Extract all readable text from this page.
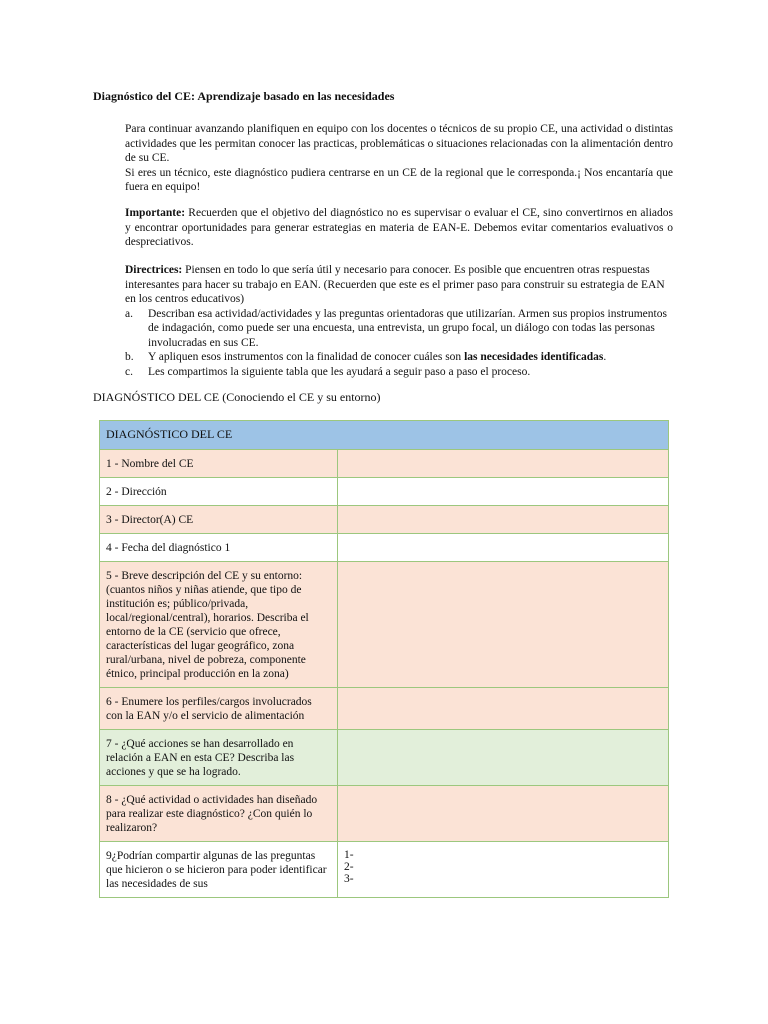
Diagnóstico del CE: Aprendizaje basado en las necesidades

Para continuar avanzando planifiquen en equipo con los docentes o técnicos de su propio CE, una actividad o distintas actividades que les permitan conocer las practicas, problemáticas o situaciones relacionadas con la alimentación dentro de su CE.

Si eres un técnico, este diagnóstico pudiera centrarse en un CE de la regional que le corresponda.¡ Nos encantaría que fuera en equipo!

Importante: Recuerden que el objetivo del diagnóstico no es supervisar o evaluar el CE, sino convertirnos en aliados y encontrar oportunidades para generar estrategias en materia de EAN-E. Debemos evitar comentarios evaluativos o despreciativos.

Directrices: Piensen en todo lo que sería útil y necesario para conocer. Es posible que encuentren otras respuestas interesantes para hacer su trabajo en EAN. (Recuerden que este es el primer paso para construir su estrategia de EAN en los centros educativos)

a. Describan esa actividad/actividades y las preguntas orientadoras que utilizarían. Armen sus propios instrumentos de indagación, como puede ser una encuesta, una entrevista, un grupo focal, un diálogo con todas las personas involucradas en sus CE.
b. Y apliquen esos instrumentos con la finalidad de conocer cuáles son las necesidades identificadas.
c. Les compartimos la siguiente tabla que les ayudará a seguir paso a paso el proceso.
DIAGNÓSTICO DEL CE (Conociendo el CE y su entorno)
DIAGNÓSTICO DEL CE	
1 - Nombre del CE	
2 - Dirección	
3 - Director(A) CE	
4 - Fecha del diagnóstico 1	
5 - Breve descripción del CE y su entorno: (cuantos niños y niñas atiende, que tipo de institución es; público/privada, local/regional/central), horarios. Describa el entorno de la CE (servicio que ofrece, características del lugar geográfico, zona rural/urbana, nivel de pobreza, componente étnico, principal producción en la zona)	
6 - Enumere los perfiles/cargos involucrados con la EAN y/o el servicio de alimentación	
7 - ¿Qué acciones se han desarrollado en relación a EAN en esta CE? Describa las acciones y que se ha logrado.	
8 - ¿Qué actividad o actividades han diseñado para realizar este diagnóstico? ¿Con quién lo realizaron?	
9¿Podrían compartir algunas de las preguntas que hicieron o se hicieron para poder identificar las necesidades de sus	1-
2-
3-
